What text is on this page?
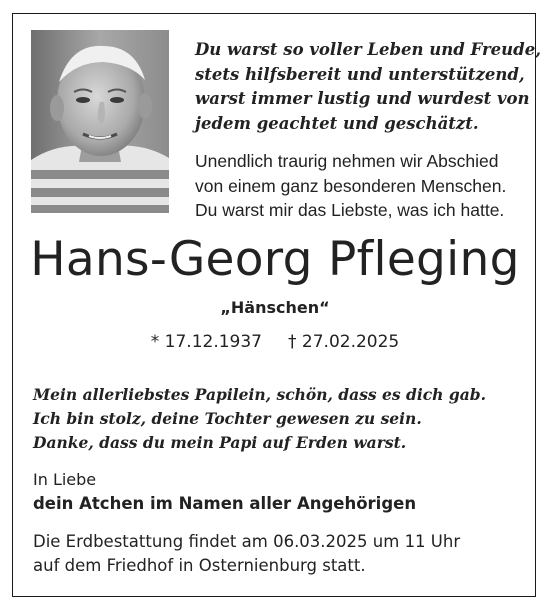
Du warst so voller Leben und Freude,
stets hilfsbereit und unterstützend,
warst immer lustig und wurdest von
jedem geachtet und geschätzt.
Unendlich traurig nehmen wir Abschied
von einem ganz besonderen Menschen.
Du warst mir das Liebste, was ich hatte.
Hans-Georg Pfleging
„Hänschen“
* 17.12.1937 † 27.02.2025
Mein allerliebstes Papilein, schön, dass es dich gab.
Ich bin stolz, deine Tochter gewesen zu sein.
Danke, dass du mein Papi auf Erden warst.
In Liebe
dein Atchen im Namen aller Angehörigen
Die Erdbestattung findet am 06.03.2025 um 11 Uhr
auf dem Friedhof in Osternienburg statt.
